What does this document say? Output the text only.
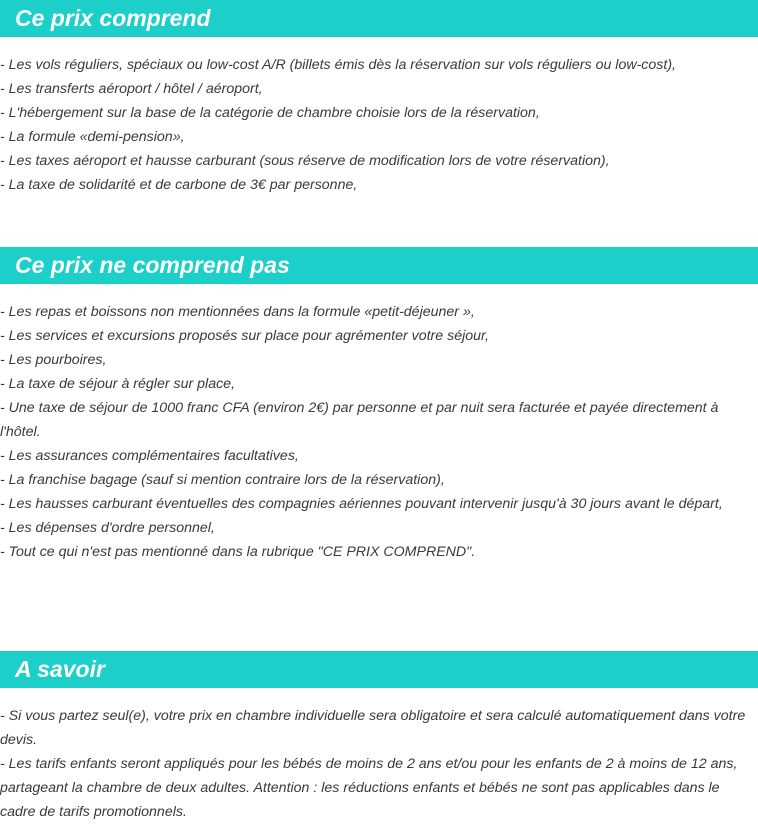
Ce prix comprend
- Les vols réguliers, spéciaux ou low-cost A/R (billets émis dès la réservation sur vols réguliers ou low-cost),
- Les transferts aéroport / hôtel / aéroport,
- L'hébergement sur la base de la catégorie de chambre choisie lors de la réservation,
- La formule «demi-pension»,
- Les taxes aéroport et hausse carburant (sous réserve de modification lors de votre réservation),
- La taxe de solidarité et de carbone de 3€ par personne,
Ce prix ne comprend pas
- Les repas et boissons non mentionnées dans la formule «petit-déjeuner »,
- Les services et excursions proposés sur place pour agrémenter votre séjour,
- Les pourboires,
- La taxe de séjour à régler sur place,
- Une taxe de séjour de 1000 franc CFA (environ 2€) par personne et par nuit sera facturée et payée directement à l'hôtel.
- Les assurances complémentaires facultatives,
- La franchise bagage (sauf si mention contraire lors de la réservation),
- Les hausses carburant éventuelles des compagnies aériennes pouvant intervenir jusqu'à 30 jours avant le départ,
- Les dépenses d'ordre personnel,
- Tout ce qui n'est pas mentionné dans la rubrique "CE PRIX COMPREND".
A savoir
- Si vous partez seul(e), votre prix en chambre individuelle sera obligatoire et sera calculé automatiquement dans votre devis.
- Les tarifs enfants seront appliqués pour les bébés de moins de 2 ans et/ou pour les enfants de 2 à moins de 12 ans, partageant la chambre de deux adultes. Attention : les réductions enfants et bébés ne sont pas applicables dans le cadre de tarifs promotionnels.
